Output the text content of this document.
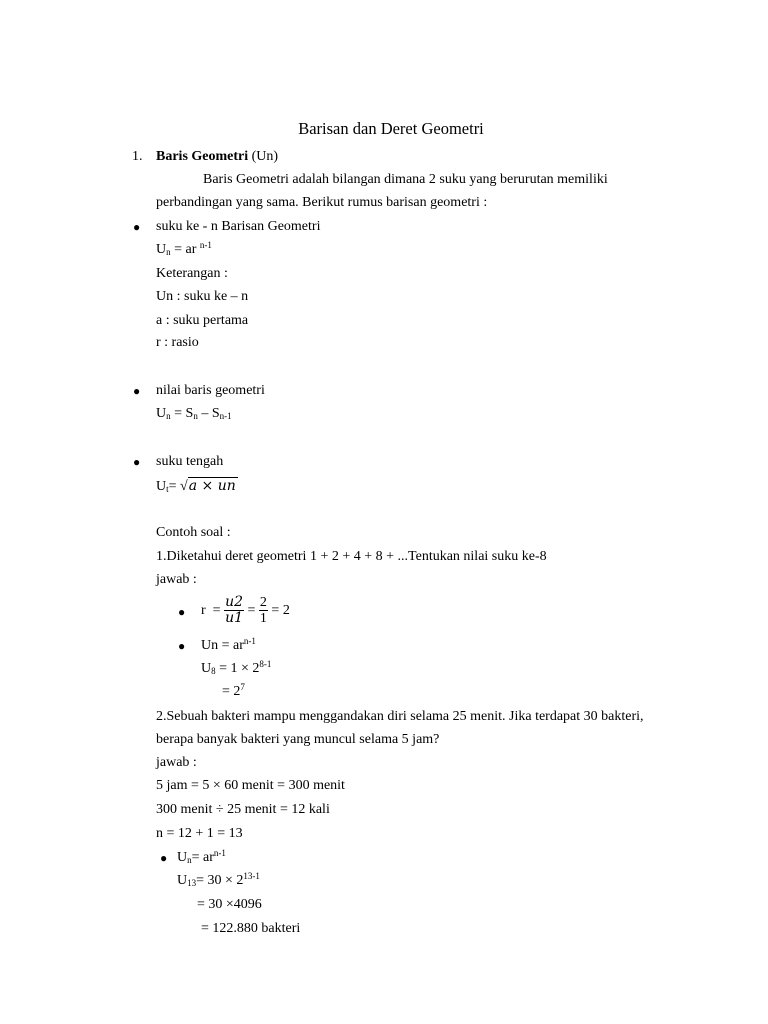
Barisan dan Deret Geometri
1. Baris Geometri (Un)
Baris Geometri adalah bilangan dimana 2 suku yang berurutan memiliki
perbandingan yang sama. Berikut rumus barisan geometri :
● suku ke - n Barisan Geometri
$U_n$ = ar $^{n-1}$
Keterangan :
Un : suku ke – n
a : suku pertama
r : rasio
● nilai baris geometri
$U_n = S_n - S_{n-1}$
● suku tengah
$U_t= √a$ × un
Contoh soal :
1.Diketahui deret geometri 1 + 2 + 4 + 8 + ...Tentukan nilai suku ke-8
jawab :
● $r = \frac{u2}{u1} = \frac{2}{1} = 2$
● $Un = ar^{n-1}$
$U_8 = 1 \times 2^{8-1}$
= $2^7$
2.Sebuah bakteri mampu menggandakan diri selama 25 menit. Jika terdapat 30 bakteri,
berapa banyak bakteri yang muncul selama 5 jam?
jawab :
5 jam = 5 × 60 menit = 300 menit
300 menit ÷ 25 menit = 12 kali
n = 12 + 1 = 13
● $U_n= ar^{n-1}$
$U_{13}= 30 \times 2^{13-1}$
= 30 ×4096
= 122.880 bakteri
